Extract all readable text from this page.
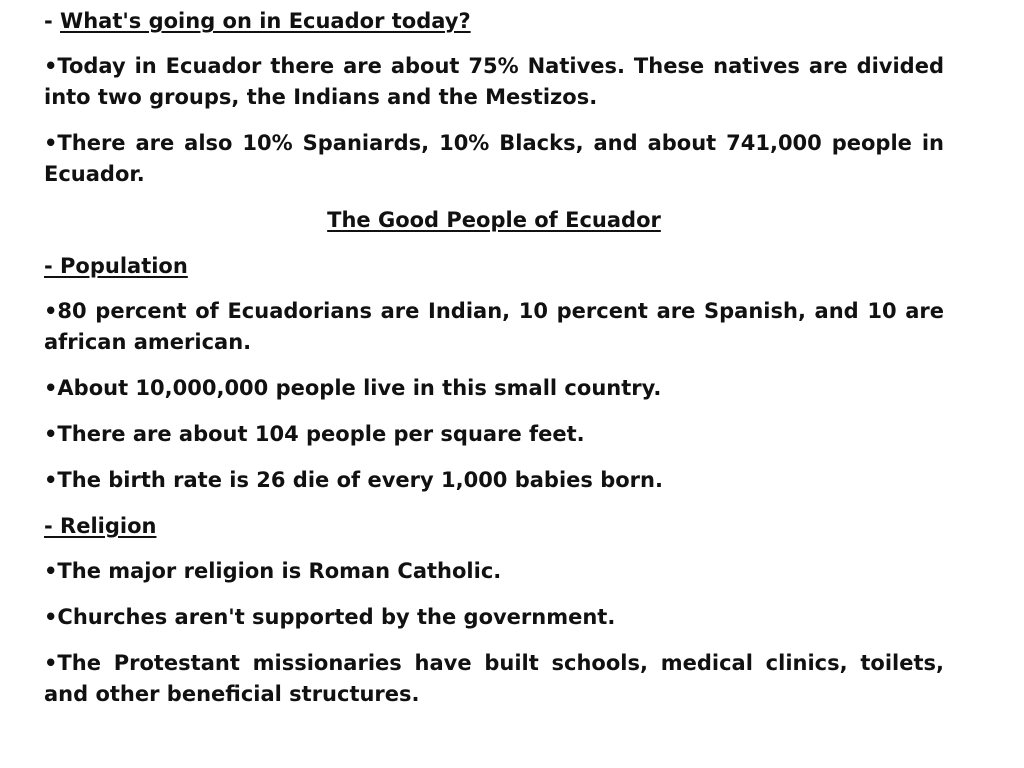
- What's going on in Ecuador today?
•Today in Ecuador there are about 75% Natives. These natives are divided into two groups, the Indians and the Mestizos.
•There are also 10% Spaniards, 10% Blacks, and about 741,000 people in Ecuador.
The Good People of Ecuador
- Population
•80 percent of Ecuadorians are Indian, 10 percent are Spanish, and 10 are african american.
•About 10,000,000 people live in this small country.
•There are about 104 people per square feet.
•The birth rate is 26 die of every 1,000 babies born.
- Religion
•The major religion is Roman Catholic.
•Churches aren't supported by the government.
•The Protestant missionaries have built schools, medical clinics, toilets, and other beneficial structures.
